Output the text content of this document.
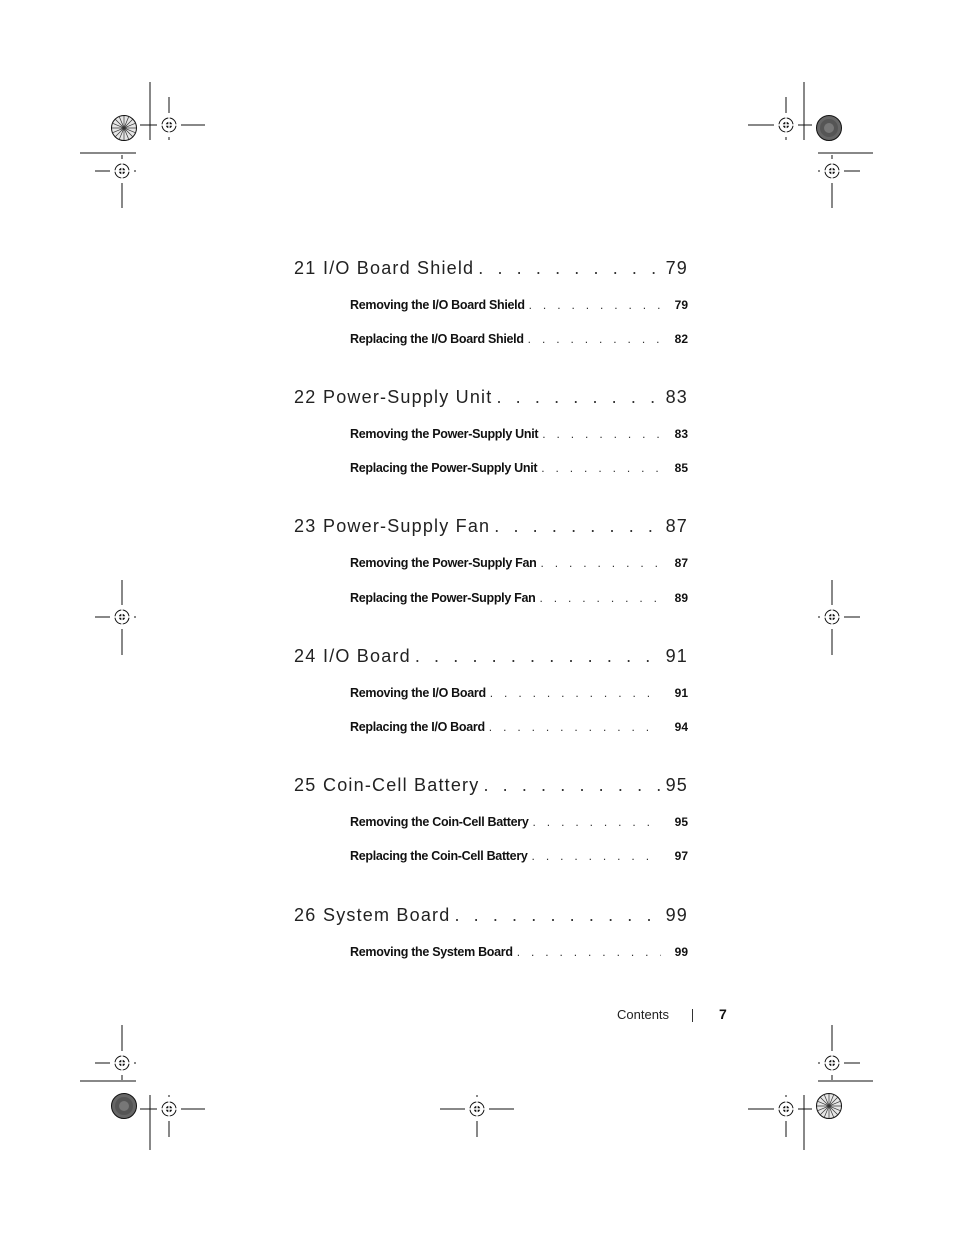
21 I/O Board Shield . . .	79
Removing the I/O Board Shield . . .	79
Replacing the I/O Board Shield . . .	82
22 Power-Supply Unit . . .	83
Removing the Power-Supply Unit . . .	83
Replacing the Power-Supply Unit . . .	85
23 Power-Supply Fan . . .	87
Removing the Power-Supply Fan . . .	87
Replacing the Power-Supply Fan . . .	89
24 I/O Board . . .	91
Removing the I/O Board . . .	91
Replacing the I/O Board . . .	94
25 Coin-Cell Battery . . .	95
Removing the Coin-Cell Battery . . .	95
Replacing the Coin-Cell Battery . . .	97
26 System Board . . .	99
Removing the System Board . . .	99
Contents	7
